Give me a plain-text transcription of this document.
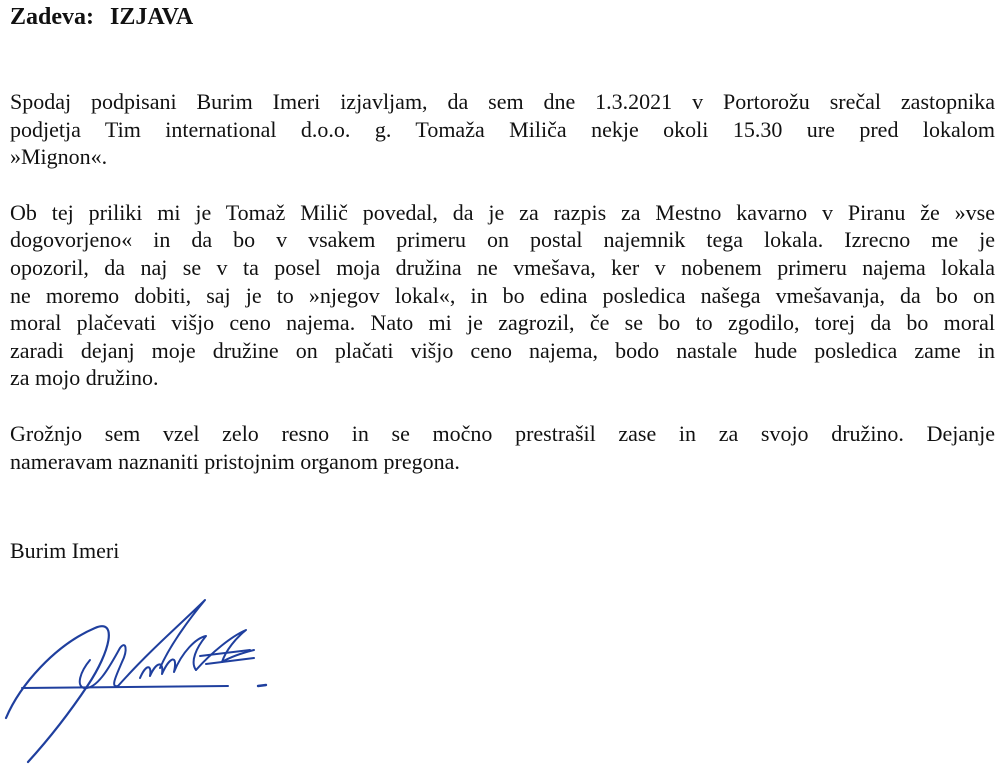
Zadeva: IZJAVA
Spodaj podpisani Burim Imeri izjavljam, da sem dne 1.3.2021 v Portorožu srečal zastopnika
podjetja Tim international d.o.o. g. Tomaža Miliča nekje okoli 15.30 ure pred lokalom
»Mignon«.
Ob tej priliki mi je Tomaž Milič povedal, da je za razpis za Mestno kavarno v Piranu že »vse
dogovorjeno« in da bo v vsakem primeru on postal najemnik tega lokala. Izrecno me je
opozoril, da naj se v ta posel moja družina ne vmešava, ker v nobenem primeru najema lokala
ne moremo dobiti, saj je to »njegov lokal«, in bo edina posledica našega vmešavanja, da bo on
moral plačevati višjo ceno najema. Nato mi je zagrozil, če se bo to zgodilo, torej da bo moral
zaradi dejanj moje družine on plačati višjo ceno najema, bodo nastale hude posledica zame in
za mojo družino.
Grožnjo sem vzel zelo resno in se močno prestrašil zase in za svojo družino. Dejanje
nameravam naznaniti pristojnim organom pregona.
Burim Imeri
